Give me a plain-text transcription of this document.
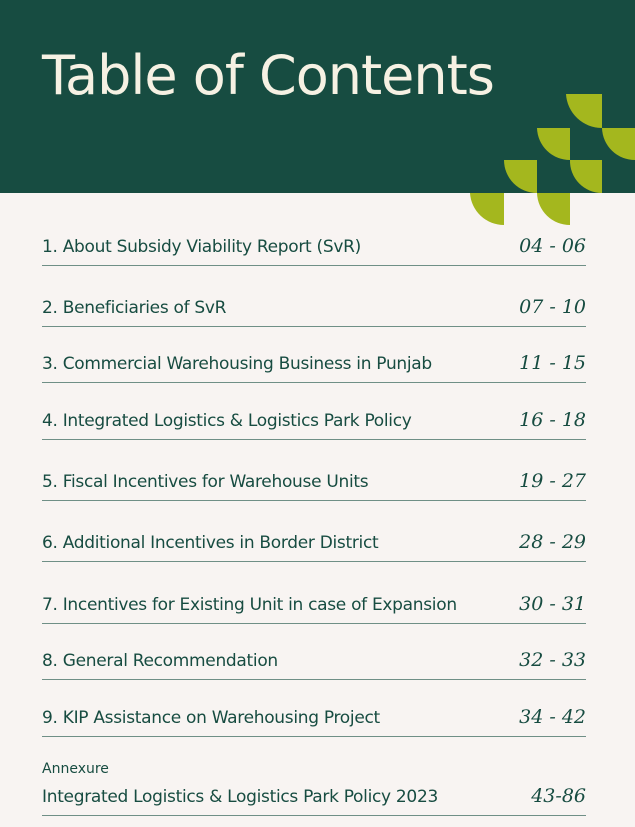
Table of Contents
1. About Subsidy Viability Report (SvR)	04 - 06
2. Beneficiaries of SvR	07 - 10
3. Commercial Warehousing Business in Punjab	11 - 15
4. Integrated Logistics & Logistics Park Policy	16 - 18
5. Fiscal Incentives for Warehouse Units	19 - 27
6. Additional Incentives in Border District	28 - 29
7. Incentives for Existing Unit in case of Expansion	30 - 31
8. General Recommendation	32 - 33
9. KIP Assistance on Warehousing Project	34 - 42
Annexure
Integrated Logistics & Logistics Park Policy 2023	43-86
